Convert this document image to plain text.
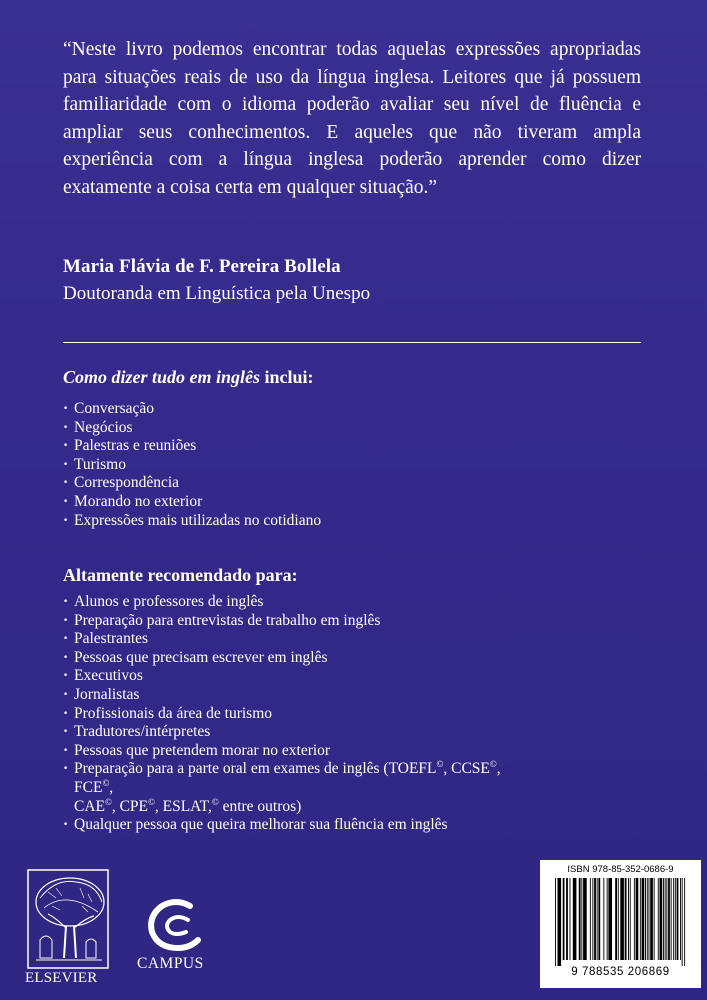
“Neste livro podemos encontrar todas aquelas expressões apropriadas para situações reais de uso da língua inglesa. Leitores que já possuem familiaridade com o idioma poderão avaliar seu nível de fluência e ampliar seus conhecimentos. E aqueles que não tiveram ampla experiência com a língua inglesa poderão aprender como dizer exatamente a coisa certa em qualquer situação.”
Maria Flávia de F. Pereira Bollela
Doutoranda em Linguística pela Unespo
Como dizer tudo em inglês inclui:
· Conversação
· Negócios
· Palestras e reuniões
· Turismo
· Correspondência
· Morando no exterior
· Expressões mais utilizadas no cotidiano
Altamente recomendado para:
· Alunos e professores de inglês
· Preparação para entrevistas de trabalho em inglês
· Palestrantes
· Pessoas que precisam escrever em inglês
· Executivos
· Jornalistas
· Profissionais da área de turismo
· Tradutores/intérpretes
· Pessoas que pretendem morar no exterior
· Preparação para a parte oral em exames de inglês (TOEFL©, CCSE©, FCE©,
CAE©, CPE©, ESLAT,© entre outros)
· Qualquer pessoa que queira melhorar sua fluência em inglês
ELSEVIER
CAMPUS
ISBN 978-85-352-0686-9
9 788535 206869
